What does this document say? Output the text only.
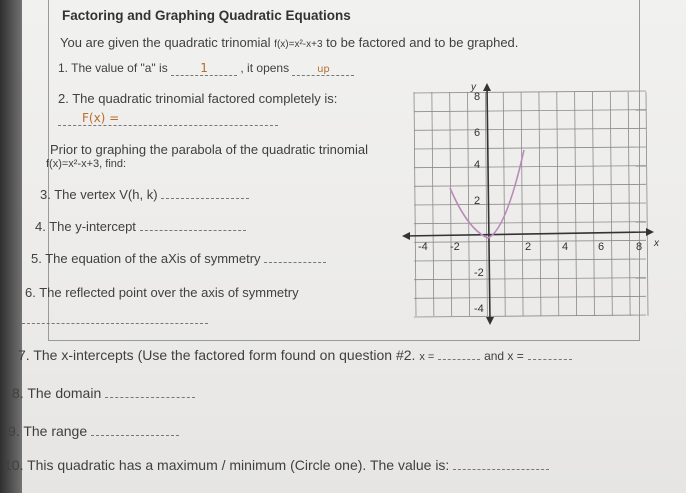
Factoring and Graphing Quadratic Equations
You are given the quadratic trinomial f(x)=x²-x+3 to be factored and to be graphed.
1. The value of "a" is	1	, it opens	up
2. The quadratic trinomial factored completely is:
F(x) =
Prior to graphing the parabola of the quadratic trinomial
f(x)=x²-x+3, find:
3. The vertex V(h, k)
4. The y-intercept
5. The equation of the aXis of symmetry
6. The reflected point over the axis of symmetry
7. The x-intercepts (Use the factored form found on question #2. x =	and x =
8. The domain
9. The range
10. This quadratic has a maximum / minimum (Circle one). The value is:
-4 -2	2	4	6	8
8
6
4
2
-2
-4
y
x
